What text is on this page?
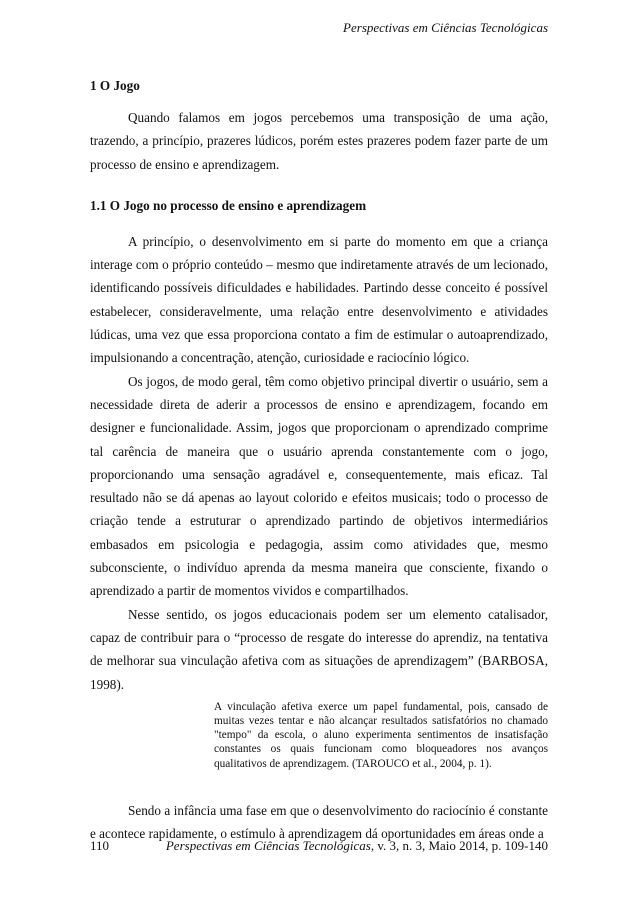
Perspectivas em Ciências Tecnológicas
1 O Jogo

Quando falamos em jogos percebemos uma transposição de uma ação, trazendo, a princípio, prazeres lúdicos, porém estes prazeres podem fazer parte de um processo de ensino e aprendizagem.

1.1 O Jogo no processo de ensino e aprendizagem

A princípio, o desenvolvimento em si parte do momento em que a criança interage com o próprio conteúdo – mesmo que indiretamente através de um lecionado, identificando possíveis dificuldades e habilidades. Partindo desse conceito é possível estabelecer, consideravelmente, uma relação entre desenvolvimento e atividades lúdicas, uma vez que essa proporciona contato a fim de estimular o autoaprendizado, impulsionando a concentração, atenção, curiosidade e raciocínio lógico.

Os jogos, de modo geral, têm como objetivo principal divertir o usuário, sem a necessidade direta de aderir a processos de ensino e aprendizagem, focando em designer e funcionalidade. Assim, jogos que proporcionam o aprendizado comprime tal carência de maneira que o usuário aprenda constantemente com o jogo, proporcionando uma sensação agradável e, consequentemente, mais eficaz. Tal resultado não se dá apenas ao layout colorido e efeitos musicais; todo o processo de criação tende a estruturar o aprendizado partindo de objetivos intermediários embasados em psicologia e pedagogia, assim como atividades que, mesmo subconsciente, o indivíduo aprenda da mesma maneira que consciente, fixando o aprendizado a partir de momentos vividos e compartilhados.

Nesse sentido, os jogos educacionais podem ser um elemento catalisador, capaz de contribuir para o “processo de resgate do interesse do aprendiz, na tentativa de melhorar sua vinculação afetiva com as situações de aprendizagem” (BARBOSA, 1998).

A vinculação afetiva exerce um papel fundamental, pois, cansado de muitas vezes tentar e não alcançar resultados satisfatórios no chamado "tempo" da escola, o aluno experimenta sentimentos de insatisfação constantes os quais funcionam como bloqueadores nos avanços qualitativos de aprendizagem. (TAROUCO et al., 2004, p. 1).

Sendo a infância uma fase em que o desenvolvimento do raciocínio é constante e acontece rapidamente, o estímulo à aprendizagem dá oportunidades em áreas onde a

110	Perspectivas em Ciências Tecnológicas, v. 3, n. 3, Maio 2014, p. 109-140
